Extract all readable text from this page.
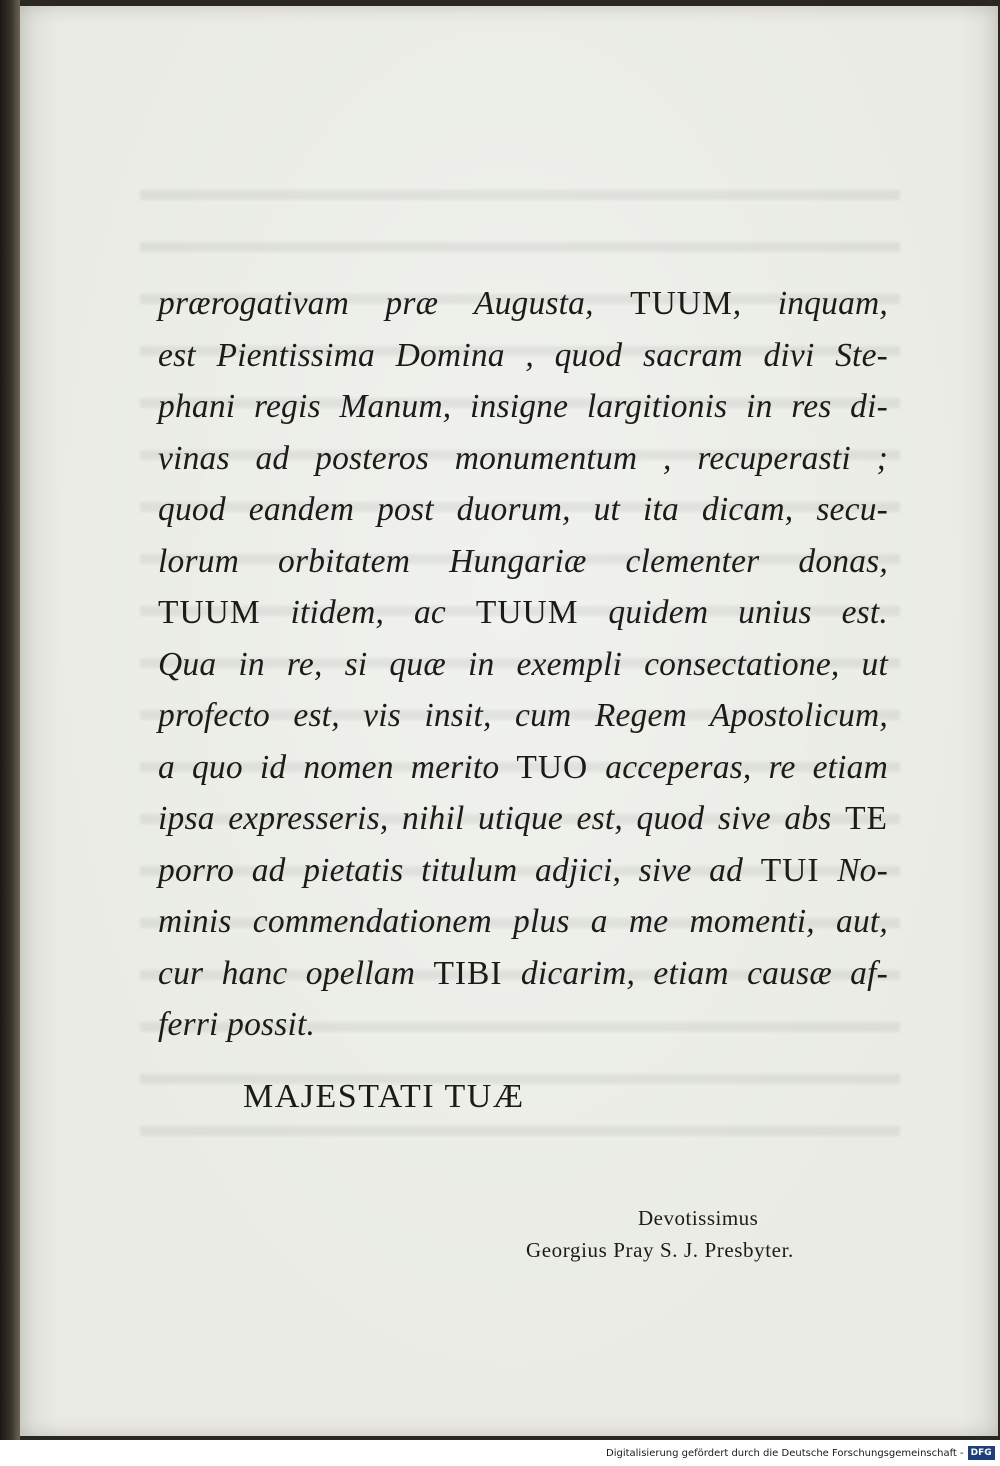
prærogativam præ Augusta, TUUM, inquam,
est Pientissima Domina , quod sacram divi Ste-
phani regis Manum, insigne largitionis in res di-
vinas ad posteros monumentum , recuperasti ;
quod eandem post duorum, ut ita dicam, secu-
lorum orbitatem Hungariæ clementer donas,
TUUM itidem, ac TUUM quidem unius est.
Qua in re, si quæ in exempli consectatione, ut
profecto est, vis insit, cum Regem Apostolicum,
a quo id nomen merito TUO acceperas, re etiam
ipsa expresseris, nihil utique est, quod sive abs TE
porro ad pietatis titulum adjici, sive ad TUI No-
minis commendationem plus a me momenti, aut,
cur hanc opellam TIBI dicarim, etiam causæ af-
ferri possit.
MAJESTATI TUÆ
Devotissimus
Georgius Pray S. J. Presbyter.
Digitalisierung gefördert durch die Deutsche Forschungsgemeinschaft - DFG
